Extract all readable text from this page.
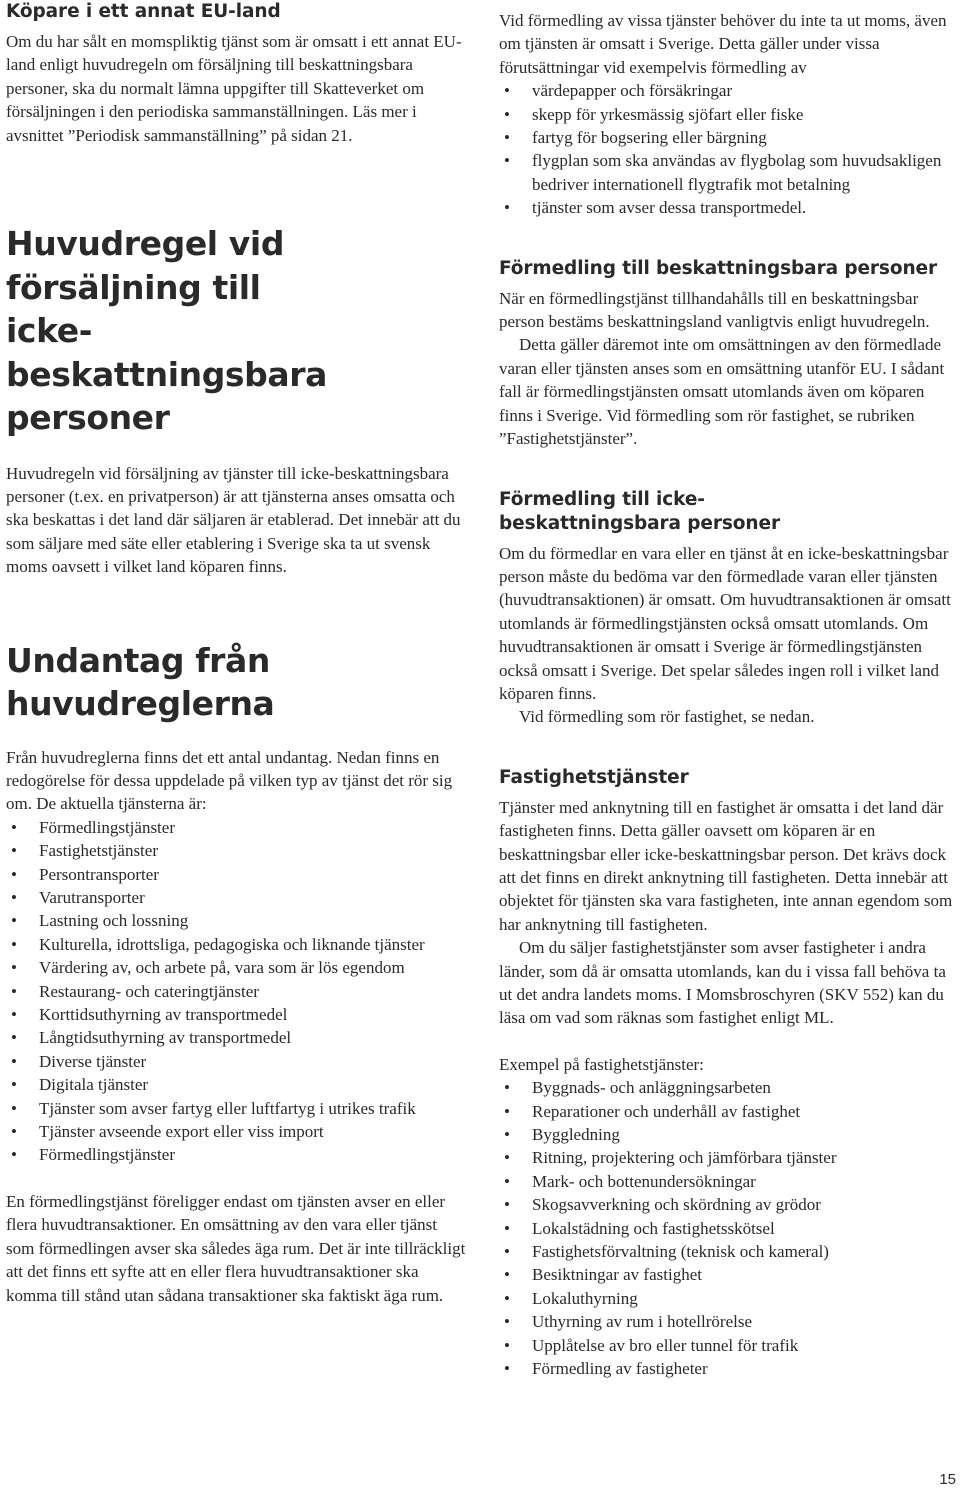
Köpare i ett annat EU-land

Om du har sålt en momspliktig tjänst som är omsatt i ett annat EU-land enligt huvudregeln om försäljning till beskattningsbara personer, ska du normalt lämna uppgifter till Skatteverket om försäljningen i den periodiska sammanställningen. Läs mer i avsnittet ”Periodisk sammanställning” på sidan 21.

Huvudregel vid försäljning till ickebeskattningsbara personer

Huvudregeln vid försäljning av tjänster till icke-beskattningsbara personer (t.ex. en privatperson) är att tjänsterna anses omsatta och ska beskattas i det land där säljaren är etablerad. Det innebär att du som säljare med säte eller etablering i Sverige ska ta ut svensk moms oavsett i vilket land köparen finns.

Undantag från huvudreglerna

Från huvudreglerna finns det ett antal undantag. Nedan finns en redogörelse för dessa uppdelade på vilken typ av tjänst det rör sig om. De aktuella tjänsterna är:

• Förmedlingstjänster
• Fastighetstjänster
• Persontransporter
• Varutransporter
• Lastning och lossning
• Kulturella, idrottsliga, pedagogiska och liknande tjänster
• Värdering av, och arbete på, vara som är lös egendom
• Restaurang- och cateringtjänster
• Korttidsuthyrning av transportmedel
• Långtidsuthyrning av transportmedel
• Diverse tjänster
• Digitala tjänster
• Tjänster som avser fartyg eller luftfartyg i utrikes trafik
• Tjänster avseende export eller viss import
• Förmedlingstjänster

En förmedlingstjänst föreligger endast om tjänsten avser en eller flera huvudtransaktioner. En omsättning av den vara eller tjänst som förmedlingen avser ska således äga rum. Det är inte tillräckligt att det finns ett syfte att en eller flera huvudtransaktioner ska komma till stånd utan sådana transaktioner ska faktiskt äga rum.

Vid förmedling av vissa tjänster behöver du inte ta ut moms, även om tjänsten är omsatt i Sverige. Detta gäller under vissa förutsättningar vid exempelvis förmedling av

• värdepapper och försäkringar
• skepp för yrkesmässig sjöfart eller fiske
• fartyg för bogsering eller bärgning
• flygplan som ska användas av flygbolag som huvudsakligen bedriver internationell flygtrafik mot betalning
• tjänster som avser dessa transportmedel.
Förmedling till beskattningsbara personer

När en förmedlingstjänst tillhandahålls till en beskattningsbar person bestäms beskattningsland vanligtvis enligt huvudregeln.

Detta gäller däremot inte om omsättningen av den förmedlade varan eller tjänsten anses som en omsättning utanför EU. I sådant fall är förmedlingstjänsten omsatt utomlands även om köparen finns i Sverige. Vid förmedling som rör fastighet, se rubriken ”Fastighetstjänster”.

Förmedling till ickebeskattningsbara personer

Om du förmedlar en vara eller en tjänst åt en icke-beskattningsbar person måste du bedöma var den förmedlade varan eller tjänsten (huvudtransaktionen) är omsatt. Om huvudtransaktionen är omsatt utomlands är förmedlingstjänsten också omsatt utomlands. Om huvudtransaktionen är omsatt i Sverige är förmedlingstjänsten också omsatt i Sverige. Det spelar således ingen roll i vilket land köparen finns.

Vid förmedling som rör fastighet, se nedan.

Fastighetstjänster

Tjänster med anknytning till en fastighet är omsatta i det land där fastigheten finns. Detta gäller oavsett om köparen är en beskattningsbar eller icke-beskattningsbar person. Det krävs dock att det finns en direkt anknytning till fastigheten. Detta innebär att objektet för tjänsten ska vara fastigheten, inte annan egendom som har anknytning till fastigheten.

Om du säljer fastighetstjänster som avser fastigheter i andra länder, som då är omsatta utomlands, kan du i vissa fall behöva ta ut det andra landets moms. I Momsbroschyren (SKV 552) kan du läsa om vad som räknas som fastighet enligt ML.

Exempel på fastighetstjänster:

• Byggnads- och anläggningsarbeten
• Reparationer och underhåll av fastighet
• Byggledning
• Ritning, projektering och jämförbara tjänster
• Mark- och bottenundersökningar
• Skogsavverkning och skördning av grödor
• Lokalstädning och fastighetsskötsel
• Fastighetsförvaltning (teknisk och kameral)
• Besiktningar av fastighet
• Lokaluthyrning
• Uthyrning av rum i hotellrörelse
• Upplåtelse av bro eller tunnel för trafik
• Förmedling av fastigheter
15
